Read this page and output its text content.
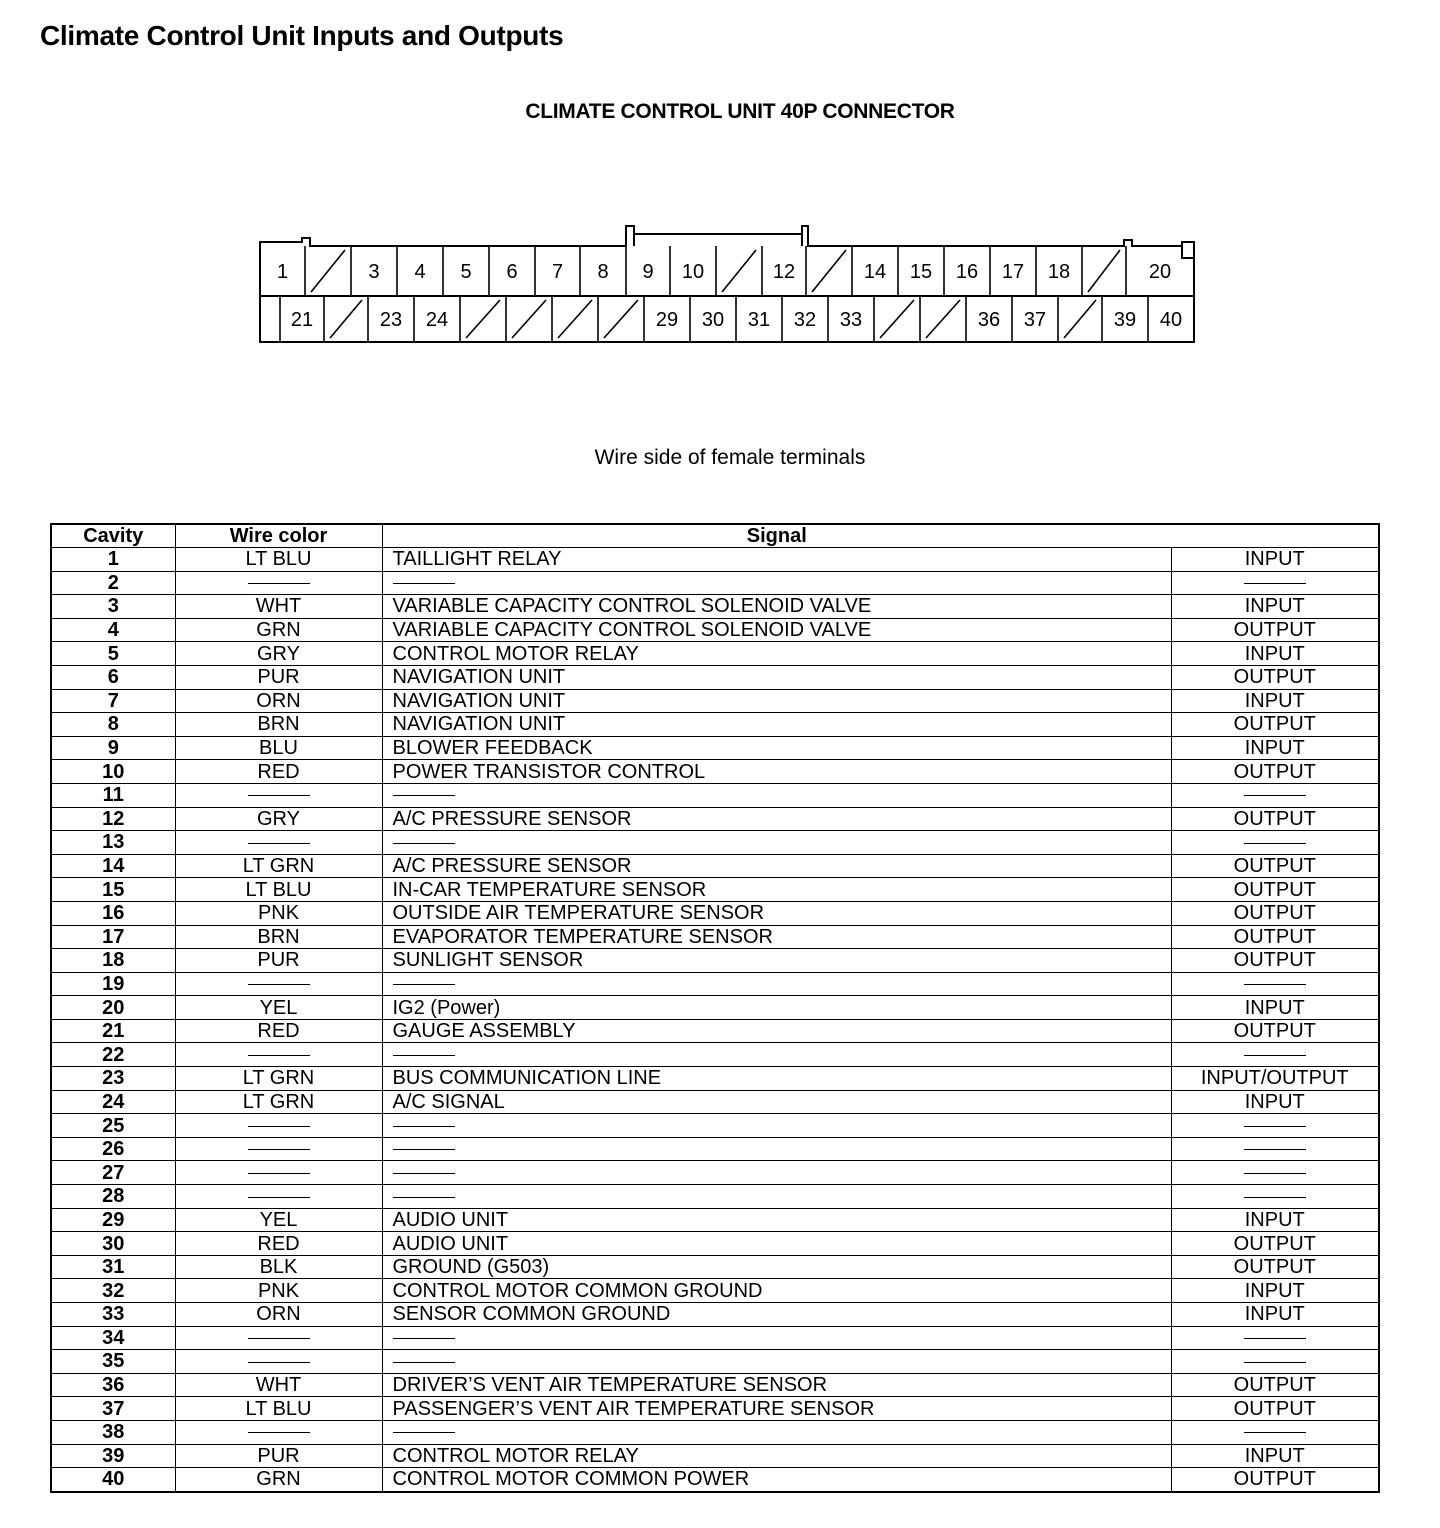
Climate Control Unit Inputs and Outputs
CLIMATE CONTROL UNIT 40P CONNECTOR
1	3 4 5 6 7 8 9 10	12	14 15 16 17 18	20
21	23 24	29 30 31 32 33	36 37	39 40
Wire side of female terminals
Cavity	Wire color	Signal	
1	LT BLU	TAILLIGHT RELAY	INPUT
2			
3	WHT	VARIABLE CAPACITY CONTROL SOLENOID VALVE	INPUT
4	GRN	VARIABLE CAPACITY CONTROL SOLENOID VALVE	OUTPUT
5	GRY	CONTROL MOTOR RELAY	INPUT
6	PUR	NAVIGATION UNIT	OUTPUT
7	ORN	NAVIGATION UNIT	INPUT
8	BRN	NAVIGATION UNIT	OUTPUT
9	BLU	BLOWER FEEDBACK	INPUT
10	RED	POWER TRANSISTOR CONTROL	OUTPUT
11			
12	GRY	A/C PRESSURE SENSOR	OUTPUT
13			
14	LT GRN	A/C PRESSURE SENSOR	OUTPUT
15	LT BLU	IN-CAR TEMPERATURE SENSOR	OUTPUT
16	PNK	OUTSIDE AIR TEMPERATURE SENSOR	OUTPUT
17	BRN	EVAPORATOR TEMPERATURE SENSOR	OUTPUT
18	PUR	SUNLIGHT SENSOR	OUTPUT
19			
20	YEL	IG2 (Power)	INPUT
21	RED	GAUGE ASSEMBLY	OUTPUT
22			
23	LT GRN	BUS COMMUNICATION LINE	INPUT/OUTPUT
24	LT GRN	A/C SIGNAL	INPUT
25			
26			
27			
28			
29	YEL	AUDIO UNIT	INPUT
30	RED	AUDIO UNIT	OUTPUT
31	BLK	GROUND (G503)	OUTPUT
32	PNK	CONTROL MOTOR COMMON GROUND	INPUT
33	ORN	SENSOR COMMON GROUND	INPUT
34			
35			
36	WHT	DRIVER’S VENT AIR TEMPERATURE SENSOR	OUTPUT
37	LT BLU	PASSENGER’S VENT AIR TEMPERATURE SENSOR	OUTPUT
38			
39	PUR	CONTROL MOTOR RELAY	INPUT
40	GRN	CONTROL MOTOR COMMON POWER	OUTPUT
